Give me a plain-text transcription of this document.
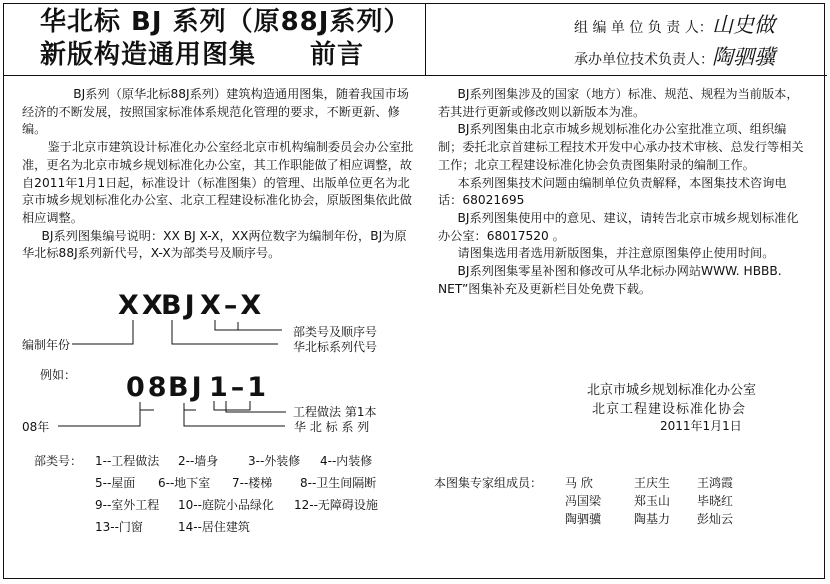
华北标 BJ 系列（原88J系列）
新版构造通用图集　　前言
组 编 单 位 负 责 人： 山史做
承办单位技术负责人：
陶驷骥

BJ系列（原华北标88J系列）建筑构造通用图集，随着我国市场经济的不断发展，按照国家标准体系规范化管理的要求，不断更新、修编。

鉴于北京市建筑设计标准化办公室经北京市机构编制委员会办公室批准，更名为北京市城乡规划标准化办公室，其工作职能做了相应调整，故自2011年1月1日起，标准设计（标准图集）的管理、出版单位更名为北京市城乡规划标准化办公室、北京工程建设标准化协会，原版图集依此做相应调整。

BJ系列图集编号说明：XX BJ X-X，XX两位数字为编制年份，BJ为原华北标88J系列新代号，X-X为部类号及顺序号。

XX
BJ X–X
部类号及顺序号
华北标系列代号
编制年份
例如： 08
BJ 1–1
工程做法 第1本
华 北 标 系 列
08年
部类号： 1--工程做法 2--墙身 3--外装修 4--内装修
5--屋面 6--地下室 7--楼梯 8--卫生间隔断
9--室外工程 10--庭院小品绿化 12--无障碍设施
13--门窗	14--居住建筑

BJ系列图集涉及的国家（地方）标准、规范、规程为当前版本，若其进行更新或修改则以新版本为准。

BJ系列图集由北京市城乡规划标准化办公室批准立项、组织编制；委托北京首建标工程技术开发中心承办技术审核、总发行等相关工作；北京工程建设标准化协会负责图集附录的编制工作。

本系列图集技术问题由编制单位负责解释，本图集技术咨询电话：68021695

BJ系列图集使用中的意见、建议，请转告北京市城乡规划标准化办公室：68017520 。

请图集选用者选用新版图集，并注意原图集停止使用时间。

BJ系列图集零星补图和修改可从华北标办网站WWW. HBBB. NET”图集补充及更新栏目处免费下载。

北京市城乡规划标准化办公室
北京工程建设标准化协会
2011年1月1日
本图集专家组成员： 马 欣	王庆生 王鸿霞
冯国梁	郑玉山 毕晓红
陶驷骥	陶基力 彭灿云
